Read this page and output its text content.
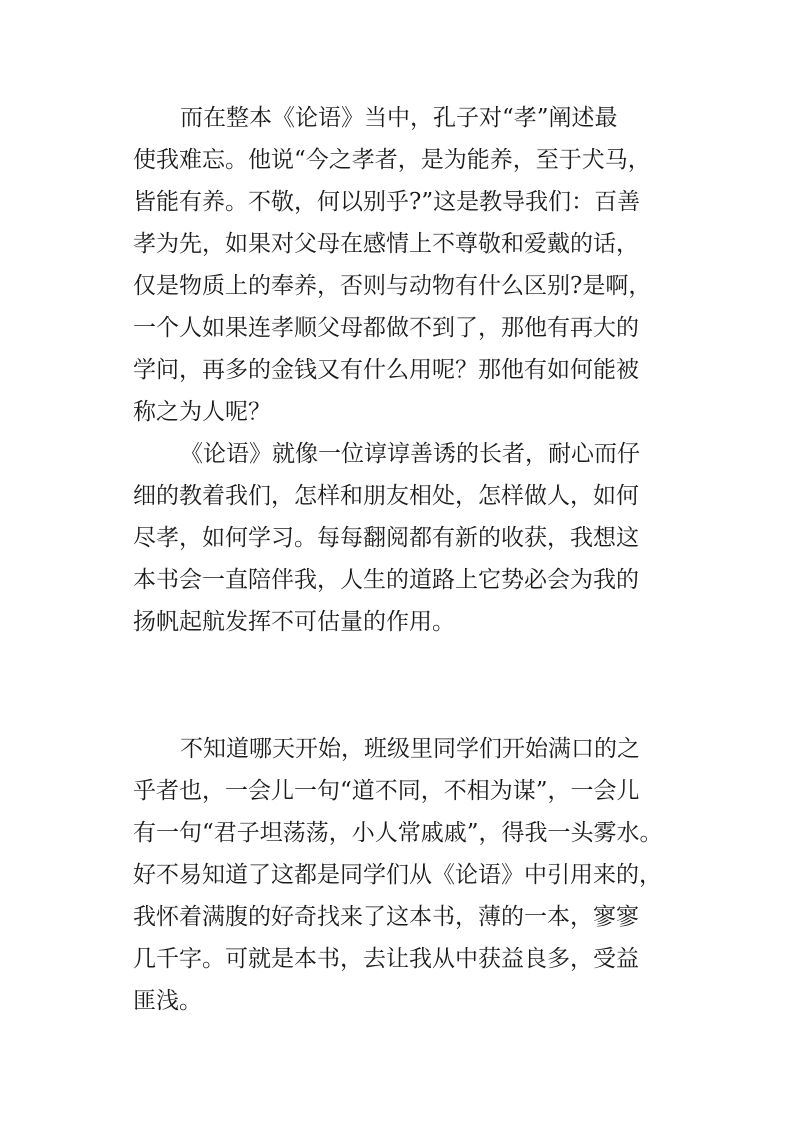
而在整本《论语》当中，孔子对“孝”阐述最
使我难忘。他说“今之孝者，是为能养，至于犬马，
皆能有养。不敬，何以别乎?”这是教导我们：百善
孝为先，如果对父母在感情上不尊敬和爱戴的话，
仅是物质上的奉养，否则与动物有什么区别?是啊，
一个人如果连孝顺父母都做不到了，那他有再大的
学问，再多的金钱又有什么用呢？那他有如何能被
称之为人呢？
《论语》就像一位谆谆善诱的长者，耐心而仔
细的教着我们，怎样和朋友相处，怎样做人，如何
尽孝，如何学习。每每翻阅都有新的收获，我想这
本书会一直陪伴我，人生的道路上它势必会为我的
扬帆起航发挥不可估量的作用。
不知道哪天开始，班级里同学们开始满口的之
乎者也，一会儿一句“道不同，不相为谋”，一会儿
有一句“君子坦荡荡，小人常戚戚”，得我一头雾水。
好不易知道了这都是同学们从《论语》中引用来的，
我怀着满腹的好奇找来了这本书，薄的一本，寥寥
几千字。可就是本书，去让我从中获益良多，受益
匪浅。
